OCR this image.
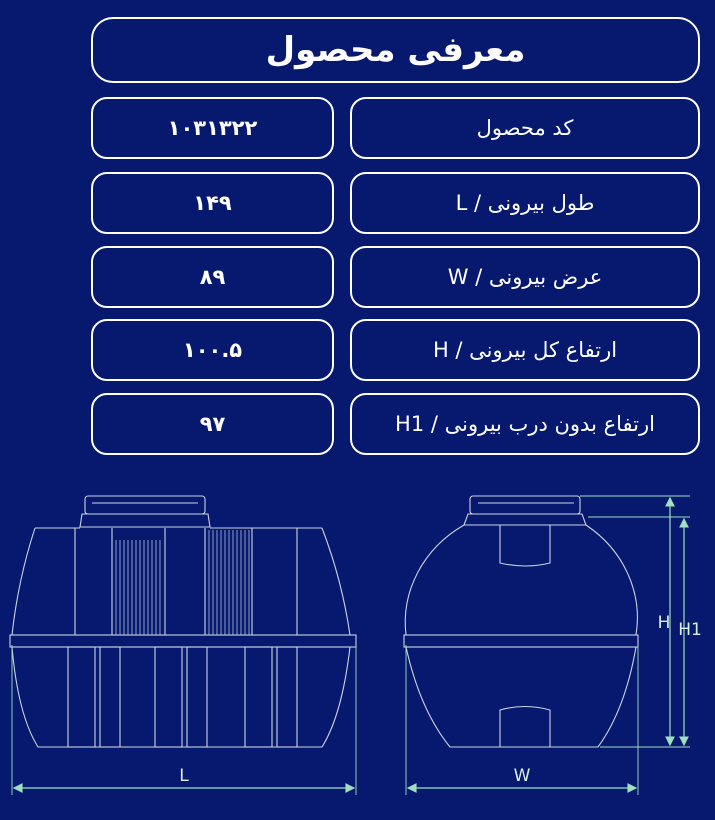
معرفی محصول
کد محصول
۱۰۳۱۳۲۲
طول بیرونی / L
۱۴۹
عرض بیرونی / W
۸۹
ارتفاع کل بیرونی / H
۱۰۰.۵
ارتفاع بدون درب بیرونی / H1
۹۷
L	W
H H1
